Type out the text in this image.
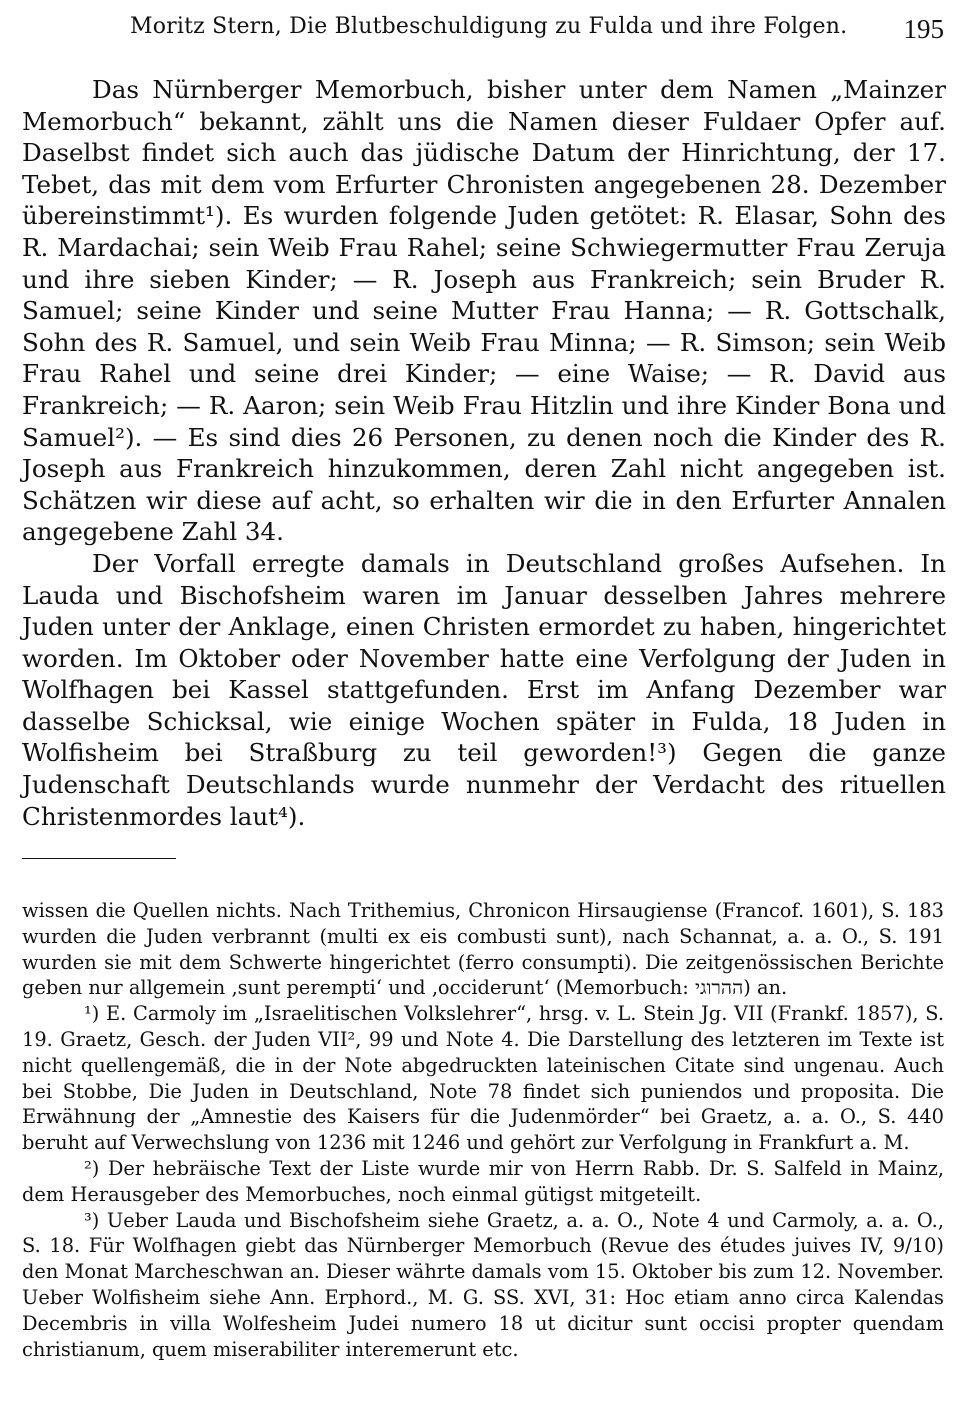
Moritz Stern, Die Blutbeschuldigung zu Fulda und ihre Folgen. 195

Das Nürnberger Memorbuch, bisher unter dem Namen „Mainzer Memorbuch“ bekannt, zählt uns die Namen dieser Fuldaer Opfer auf. Daselbst findet sich auch das jüdische Datum der Hinrichtung, der 17. Tebet, das mit dem vom Erfurter Chronisten angegebenen 28. Dezember übereinstimmt¹). Es wurden folgende Juden getötet: R. Elasar, Sohn des R. Mardachai; sein Weib Frau Rahel; seine Schwiegermutter Frau Zeruja und ihre sieben Kinder; — R. Joseph aus Frankreich; sein Bruder R. Samuel; seine Kinder und seine Mutter Frau Hanna; — R. Gottschalk, Sohn des R. Samuel, und sein Weib Frau Minna; — R. Simson; sein Weib Frau Rahel und seine drei Kinder; — eine Waise; — R. David aus Frankreich; — R. Aaron; sein Weib Frau Hitzlin und ihre Kinder Bona und Samuel²). — Es sind dies 26 Personen, zu denen noch die Kinder des R. Joseph aus Frankreich hinzukommen, deren Zahl nicht angegeben ist. Schätzen wir diese auf acht, so erhalten wir die in den Erfurter Annalen angegebene Zahl 34.

Der Vorfall erregte damals in Deutschland großes Aufsehen. In Lauda und Bischofsheim waren im Januar desselben Jahres mehrere Juden unter der Anklage, einen Christen ermordet zu haben, hingerichtet worden. Im Oktober oder November hatte eine Verfolgung der Juden in Wolfhagen bei Kassel stattgefunden. Erst im Anfang Dezember war dasselbe Schicksal, wie einige Wochen später in Fulda, 18 Juden in Wolfisheim bei Straßburg zu teil geworden!³) Gegen die ganze Judenschaft Deutschlands wurde nunmehr der Verdacht des rituellen Christenmordes laut⁴).

wissen die Quellen nichts. Nach Trithemius, Chronicon Hirsaugiense (Francof. 1601), S. 183 wurden die Juden verbrannt (multi ex eis combusti sunt), nach Schannat, a. a. O., S. 191 wurden sie mit dem Schwerte hingerichtet (ferro consumpti). Die zeitgenössischen Berichte geben nur allgemein ‚sunt perempti‘ und ‚occiderunt‘ (Memorbuch: ההרוגי) an.

¹) E. Carmoly im „Israelitischen Volkslehrer“, hrsg. v. L. Stein Jg. VII (Frankf. 1857), S. 19. Graetz, Gesch. der Juden VII², 99 und Note 4. Die Darstellung des letzteren im Texte ist nicht quellengemäß, die in der Note abgedruckten lateinischen Citate sind ungenau. Auch bei Stobbe, Die Juden in Deutschland, Note 78 findet sich puniendos und proposita. Die Erwähnung der „Amnestie des Kaisers für die Judenmörder“ bei Graetz, a. a. O., S. 440 beruht auf Verwechslung von 1236 mit 1246 und gehört zur Verfolgung in Frankfurt a. M.

²) Der hebräische Text der Liste wurde mir von Herrn Rabb. Dr. S. Salfeld in Mainz, dem Herausgeber des Memorbuches, noch einmal gütigst mitgeteilt.

³) Ueber Lauda und Bischofsheim siehe Graetz, a. a. O., Note 4 und Carmoly, a. a. O., S. 18. Für Wolfhagen giebt das Nürnberger Memorbuch (Revue des études juives IV, 9/10) den Monat Marcheschwan an. Dieser währte damals vom 15. Oktober bis zum 12. November. Ueber Wolfisheim siehe Ann. Erphord., M. G. SS. XVI, 31: Hoc etiam anno circa Kalendas Decembris in villa Wolfesheim Judei numero 18 ut dicitur sunt occisi propter quendam christianum, quem miserabiliter interemerunt etc.
